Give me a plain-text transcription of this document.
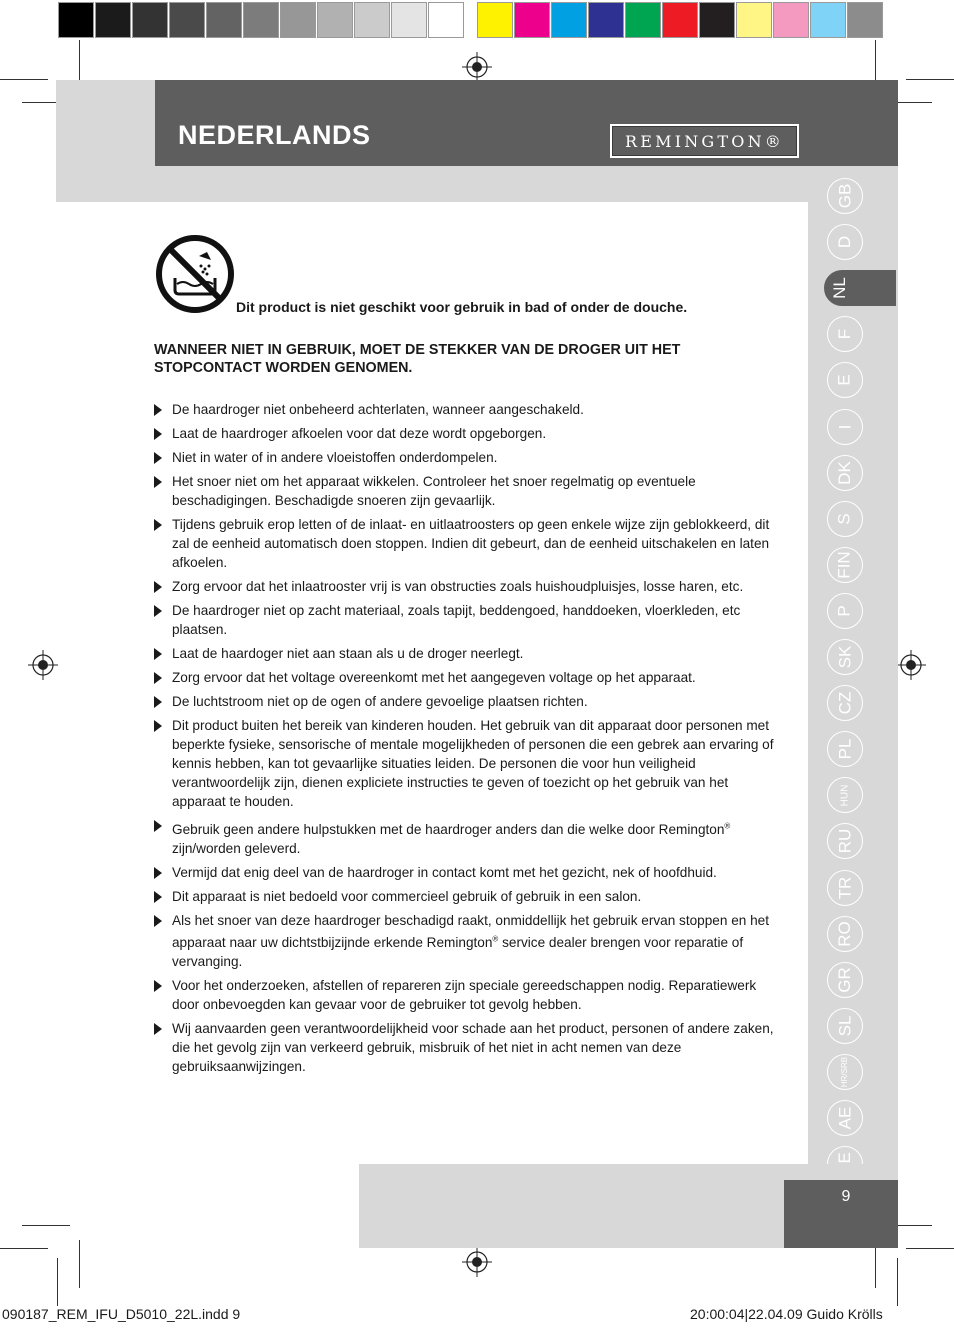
NEDERLANDS	REMINGTON®
GB
D
NL
F
E
I
DK
S
FIN
P
SK
CZ
PL
HUN
RU
TR
RO
GR
SL
HR/SRB
AE
9
Dit product is niet geschikt voor gebruik in bad of onder de douche.
WANNEER NIET IN GEBRUIK, MOET DE STEKKER VAN DE DROGER UIT HET STOPCONTACT WORDEN GENOMEN.
De haardroger niet onbeheerd achterlaten, wanneer aangeschakeld.
Laat de haardroger afkoelen voor dat deze wordt opgeborgen.
Niet in water of in andere vloeistoffen onderdompelen.
Het snoer niet om het apparaat wikkelen. Controleer het snoer regelmatig op eventuele beschadigingen. Beschadigde snoeren zijn gevaarlijk.
Tijdens gebruik erop letten of de inlaat- en uitlaatroosters op geen enkele wijze zijn geblokkeerd, dit zal de eenheid automatisch doen stoppen. Indien dit gebeurt, dan de eenheid uitschakelen en laten afkoelen.
Zorg ervoor dat het inlaatrooster vrij is van obstructies zoals huishoudpluisjes, losse haren, etc.
De haardroger niet op zacht materiaal, zoals tapijt, beddengoed, handdoeken, vloerkleden, etc plaatsen.
Laat de haardoger niet aan staan als u de droger neerlegt.
Zorg ervoor dat het voltage overeenkomt met het aangegeven voltage op het apparaat.
De luchtstroom niet op de ogen of andere gevoelige plaatsen richten.
Dit product buiten het bereik van kinderen houden. Het gebruik van dit apparaat door personen met beperkte fysieke, sensorische of mentale mogelijkheden of personen die een gebrek aan ervaring of kennis hebben, kan tot gevaarlijke situaties leiden. De personen die voor hun veiligheid verantwoordelijk zijn, dienen expliciete instructies te geven of toezicht op het gebruik van het apparaat te houden.
Gebruik geen andere hulpstukken met de haardroger anders dan die welke door Remington® zijn/worden geleverd.
Vermijd dat enig deel van de haardroger in contact komt met het gezicht, nek of hoofdhuid.
Dit apparaat is niet bedoeld voor commercieel gebruik of gebruik in een salon.
Als het snoer van deze haardroger beschadigd raakt, onmiddellijk het gebruik ervan stoppen en het apparaat naar uw dichtstbijzijnde erkende Remington® service dealer brengen voor reparatie of vervanging.
Voor het onderzoeken, afstellen of repareren zijn speciale gereedschappen nodig. Reparatiewerk door onbevoegden kan gevaar voor de gebruiker tot gevolg hebben.
Wij aanvaarden geen verantwoordelijkheid voor schade aan het product, personen of andere zaken, die het gevolg zijn van verkeerd gebruik, misbruik of het niet in acht nemen van deze gebruiksaanwijzingen.
090187_REM_IFU_D5010_22L.indd 9	20:00:04|22.04.09 Guido Krölls
